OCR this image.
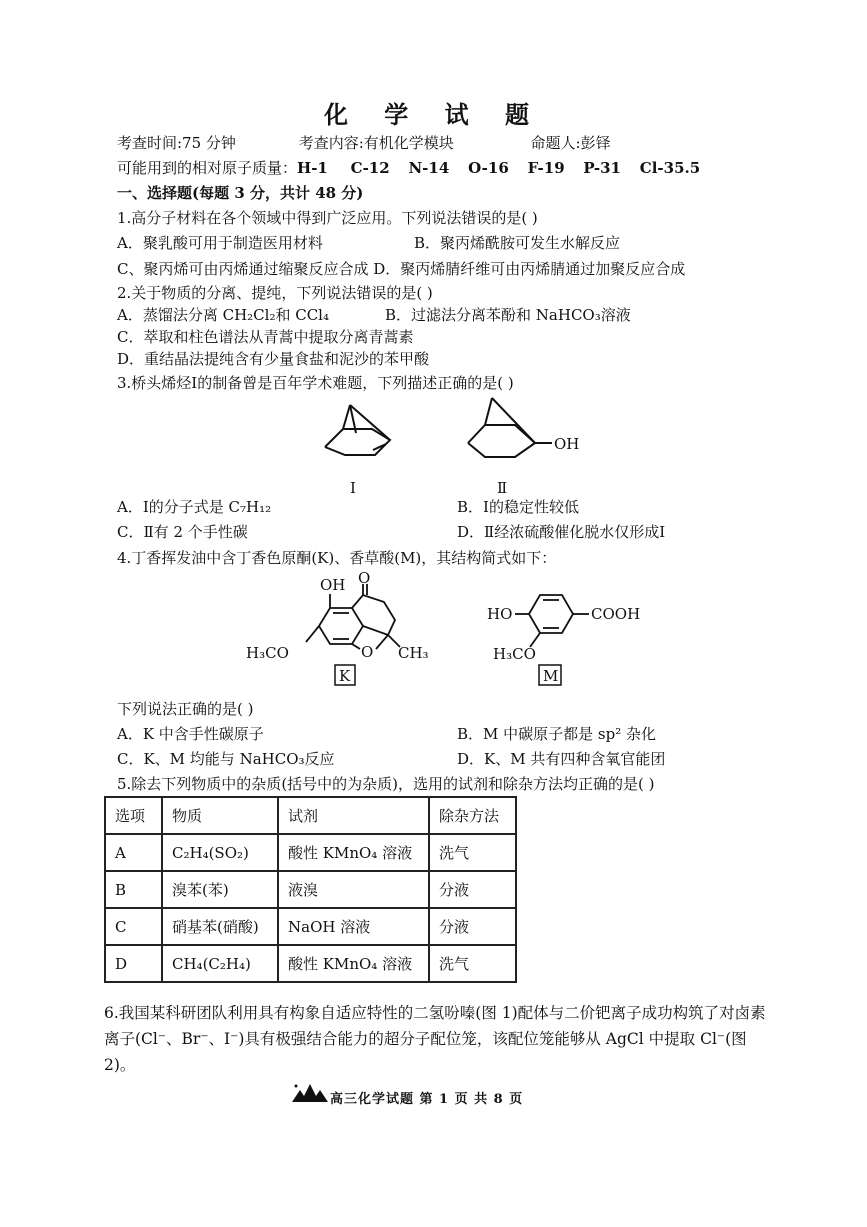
化 学 试 题
考查时间:75 分钟	考查内容:有机化学模块	命题人:彭铎
可能用到的相对原子质量：H-1 C-12 N-14 O-16 F-19 P-31 Cl-35.5
一、选择题(每题 3 分，共计 48 分)
1.高分子材料在各个领域中得到广泛应用。下列说法错误的是( )
A．聚乳酸可用于制造医用材料	B．聚丙烯酰胺可发生水解反应
C、聚丙烯可由丙烯通过缩聚反应合成 D．聚丙烯腈纤维可由丙烯腈通过加聚反应合成
2.关于物质的分离、提纯，下列说法错误的是( )
A．蒸馏法分离 CH₂Cl₂和 CCl₄	B．过滤法分离苯酚和 NaHCO₃溶液
C．萃取和柱色谱法从青蒿中提取分离青蒿素
D．重结晶法提纯含有少量食盐和泥沙的苯甲酸
3.桥头烯烃Ⅰ的制备曾是百年学术难题，下列描述正确的是( )
Ⅰ
OH
Ⅱ
A．Ⅰ的分子式是 C₇H₁₂	B．Ⅰ的稳定性较低
C．Ⅱ有 2 个手性碳	D．Ⅱ经浓硫酸催化脱水仅形成Ⅰ
4.丁香挥发油中含丁香色原酮(K)、香草酸(M)，其结构简式如下：
OH O
O
H₃CO	CH₃
K
HO	COOH
H₃CO
M
下列说法正确的是( )
A．K 中含手性碳原子	B．M 中碳原子都是 sp² 杂化
C．K、M 均能与 NaHCO₃反应	D．K、M 共有四种含氧官能团
5.除去下列物质中的杂质(括号中的为杂质)，选用的试剂和除杂方法均正确的是( )
选项	物质	试剂	除杂方法
A	C₂H₄(SO₂)	酸性 KMnO₄ 溶液	洗气
B	溴苯(苯)	液溴	分液
C	硝基苯(硝酸)	NaOH 溶液	分液
D	CH₄(C₂H₄)	酸性 KMnO₄ 溶液	洗气
6.我国某科研团队利用具有构象自适应特性的二氢吩嗪(图 1)配体与二价钯离子成功构筑了对卤素离子(Cl⁻、Br⁻、I⁻)具有极强结合能力的超分子配位笼，该配位笼能够从 AgCl 中提取 Cl⁻(图 2)。
高三化学试题 第 1 页 共 8 页
